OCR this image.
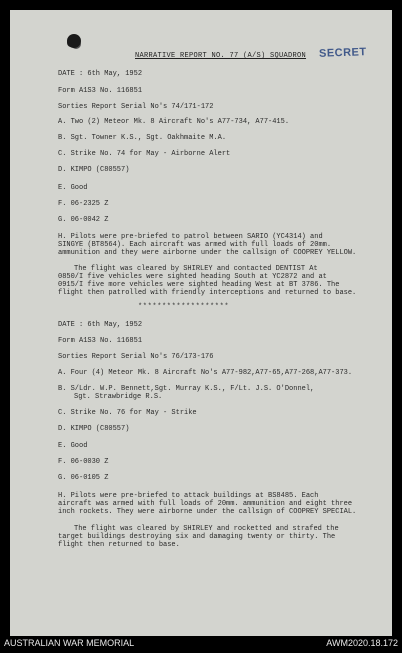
NARRATIVE REPORT NO. 77 (A/S) SQUADRON SECRET
DATE : 6th May, 1952
Form A1S3 No. 116851
Sorties Report Serial No's 74/171-172
A. Two (2) Meteor Mk. 8 Aircraft No's A77-734, A77-415.
B. Sgt. Towner K.S., Sgt. Oakhmaite M.A.
C. Strike No. 74 for May - Airborne Alert
D. KIMPO (C80557)
E. Good
F. 06-2325 Z
G. 06-0042 Z
H. Pilots were pre-briefed to patrol between SARIO (YC4314) and
SINGYE (BT8564). Each aircraft was armed with full loads of 20mm.
ammunition and they were airborne under the callsign of COOPREY YELLOW.
The flight was cleared by SHIRLEY and contacted DENTIST At
0850/I five vehicles were sighted heading South at YC2872 and at
0915/I five more vehicles were sighted heading West at BT 3786. The
flight then patrolled with friendly interceptions and returned to base.
*******************
DATE : 6th May, 1952
Form A1S3 No. 116851
Sorties Report Serial No's 76/173-176
A. Four (4) Meteor Mk. 8 Aircraft No's A77-982,A77-65,A77-268,A77-373.
B. S/Ldr. W.P. Bennett,Sgt. Murray K.S., F/Lt. J.S. O'Donnel,
Sgt. Strawbridge R.S.
C. Strike No. 76 for May - Strike
D. KIMPO (C80557)
E. Good
F. 06-0030 Z
G. 06-0105 Z
H. Pilots were pre-briefed to attack buildings at BS8485. Each
aircraft was armed with full loads of 20mm. ammunition and eight three
inch rockets. They were airborne under the callsign of COOPREY SPECIAL.
The flight was cleared by SHIRLEY and rocketted and strafed the
target buildings destroying six and damaging twenty or thirty. The
flight then returned to base.
AUSTRALIAN WAR MEMORIAL	AWM2020.18.172
